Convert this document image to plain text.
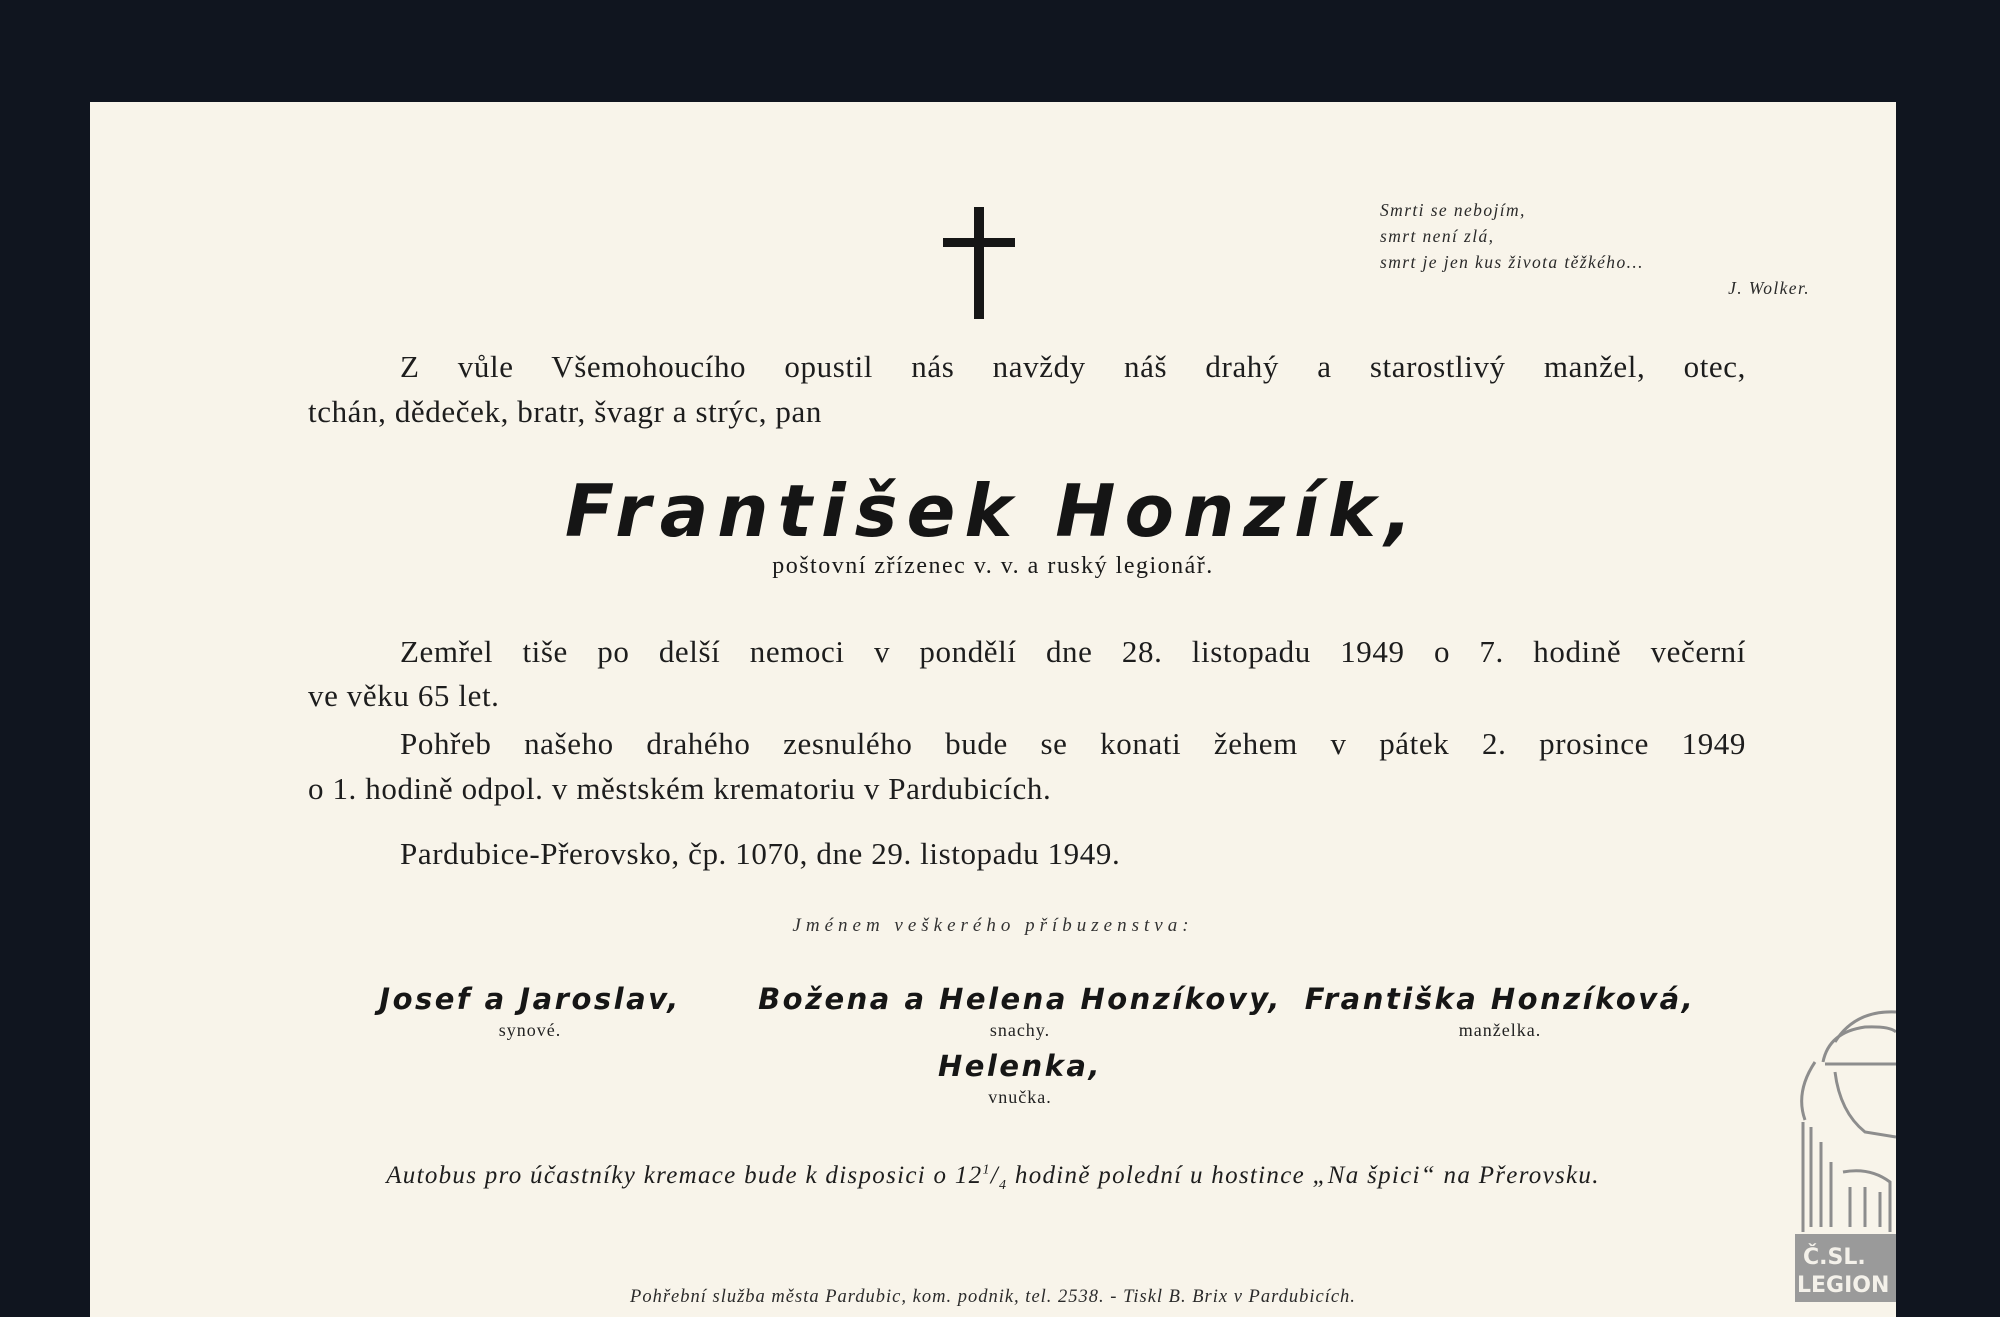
Smrti se nebojím,
smrt není zlá,
smrt je jen kus života těžkého...
J. Wolker.
Z vůle Všemohoucího opustil nás navždy náš drahý a starostlivý manžel, otec,
tchán, dědeček, bratr, švagr a strýc, pan
František Honzík,
poštovní zřízenec v. v. a ruský legionář.
Zemřel tiše po delší nemoci v pondělí dne 28. listopadu 1949 o 7. hodině večerní
ve věku 65 let.
Pohřeb našeho drahého zesnulého bude se konati žehem v pátek 2. prosince 1949
o 1. hodině odpol. v městském krematoriu v Pardubicích.
Pardubice-Přerovsko, čp. 1070, dne 29. listopadu 1949.
Jménem veškerého příbuzenstva:
Josef a Jaroslav,
synové.
Božena a Helena Honzíkovy,
snachy.
Františka Honzíková,
manželka.
Helenka,
vnučka.
Autobus pro účastníky kremace bude k disposici o $12^1/_4$ hodině polední u hostince „Na špici“ na Přerovsku.
Pohřební služba města Pardubic, kom. podnik, tel. 2538. - Tiskl B. Brix v Pardubicích.
Č.SL.
LEGION
